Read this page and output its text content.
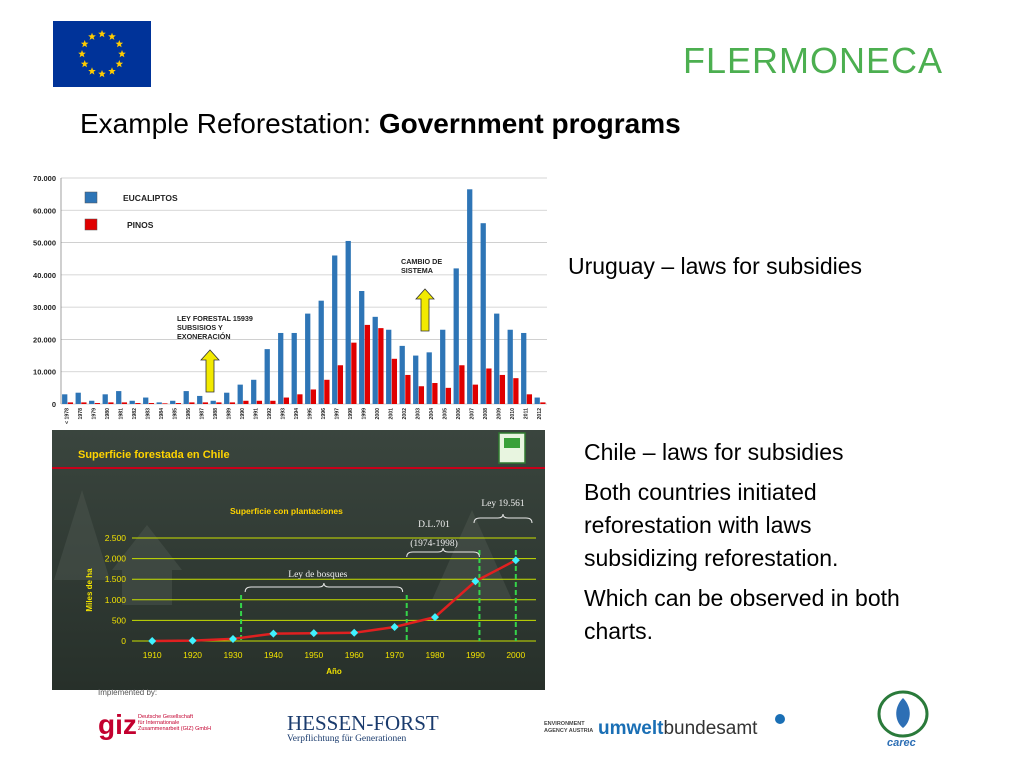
FLERMONECA
Example Reforestation: Government programs
< 1978 1978 1979 1980 1981 1982 1983 1984 1985 1986 1987 1988 1989 1990 1991 1992 1993 1994 1995 1996 1997 1998 1999 2000 2001 2002 2003 2004 2005 2006 2007 2008 2009 2010 2011 2012
0
10.000
20.000
30.000
40.000
50.000
60.000
70.000
EUCALIPTOS
PINOS
LEY FORESTAL 15939
SUBSISIOS Y
EXONERACIÓN
CAMBIO DE
SISTEMA
1910	1920	1930	1940	1950	1960	1970	1980	1990	2000
Año
0
500
1.000
1.500
2.000
2.500
Miles de ha	Ley de bosques
D.L.701
(1974-1998)
Ley 19.561
Superficie forestada en Chile
Superficie con plantaciones
Uruguay – laws for subsidies

Chile – laws for subsidies

Both countries initiated reforestation with laws subsidizing reforestation.

Which can be observed in both charts.

Implemented by:
giz Deutsche Gesellschaft
für Internationale
Zusammenarbeit (GIZ) GmbH	HESSEN-FORST
Verpflichtung für Generationen
ENVIRONMENT
AGENCY AUSTRIA umweltbundesamt
carec
